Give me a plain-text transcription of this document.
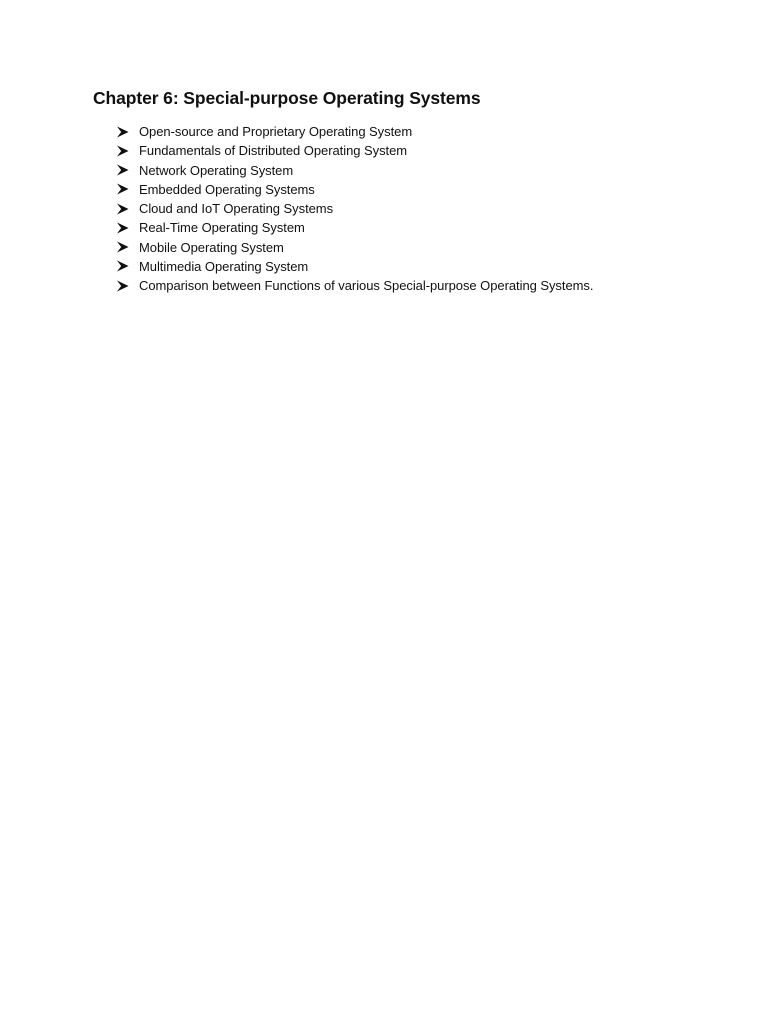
Chapter 6: Special-purpose Operating Systems
Open-source and Proprietary Operating System
Fundamentals of Distributed Operating System
Network Operating System
Embedded Operating Systems
Cloud and IoT Operating Systems
Real-Time Operating System
Mobile Operating System
Multimedia Operating System
Comparison between Functions of various Special-purpose Operating Systems.
